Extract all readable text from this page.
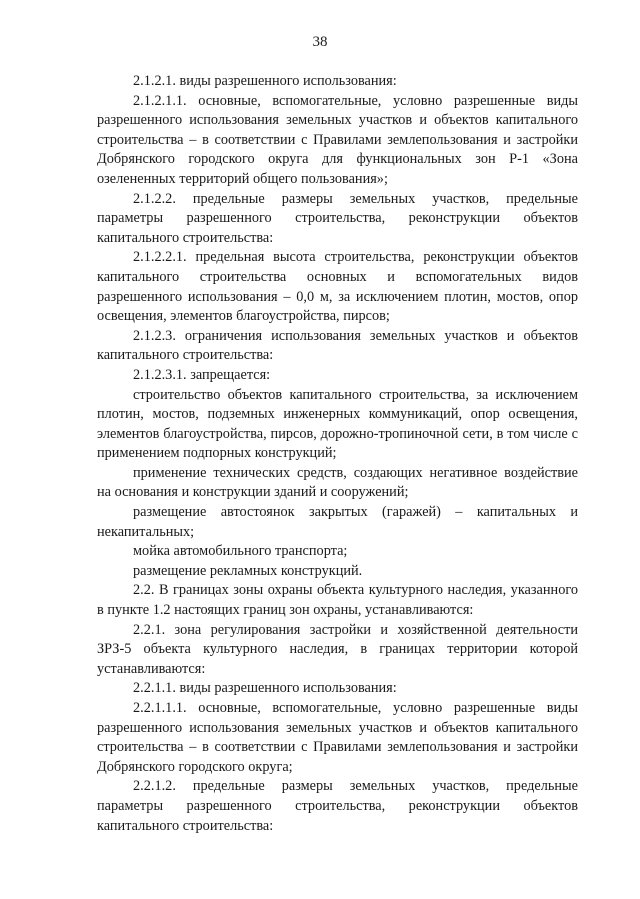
38

2.1.2.1. виды разрешенного использования:

2.1.2.1.1. основные, вспомогательные, условно разрешенные виды разрешенного использования земельных участков и объектов капитального строительства – в соответствии с Правилами землепользования и застройки Добрянского городского округа для функциональных зон Р-1 «Зона озелененных территорий общего пользования»;

2.1.2.2. предельные размеры земельных участков, предельные параметры разрешенного строительства, реконструкции объектов капитального строительства:

2.1.2.2.1. предельная высота строительства, реконструкции объектов капитального строительства основных и вспомогательных видов разрешенного использования – 0,0 м, за исключением плотин, мостов, опор освещения, элементов благоустройства, пирсов;

2.1.2.3. ограничения использования земельных участков и объектов капитального строительства:

2.1.2.3.1. запрещается:

строительство объектов капитального строительства, за исключением плотин, мостов, подземных инженерных коммуникаций, опор освещения, элементов благоустройства, пирсов, дорожно-тропиночной сети, в том числе с применением подпорных конструкций;

применение технических средств, создающих негативное воздействие на основания и конструкции зданий и сооружений;

размещение автостоянок закрытых (гаражей) – капитальных и некапитальных;

мойка автомобильного транспорта;

размещение рекламных конструкций.

2.2. В границах зоны охраны объекта культурного наследия, указанного в пункте 1.2 настоящих границ зон охраны, устанавливаются:

2.2.1. зона регулирования застройки и хозяйственной деятельности ЗРЗ-5 объекта культурного наследия, в границах территории которой устанавливаются:

2.2.1.1. виды разрешенного использования:

2.2.1.1.1. основные, вспомогательные, условно разрешенные виды разрешенного использования земельных участков и объектов капитального строительства – в соответствии с Правилами землепользования и застройки Добрянского городского округа;

2.2.1.2. предельные размеры земельных участков, предельные параметры разрешенного строительства, реконструкции объектов капитального строительства:
